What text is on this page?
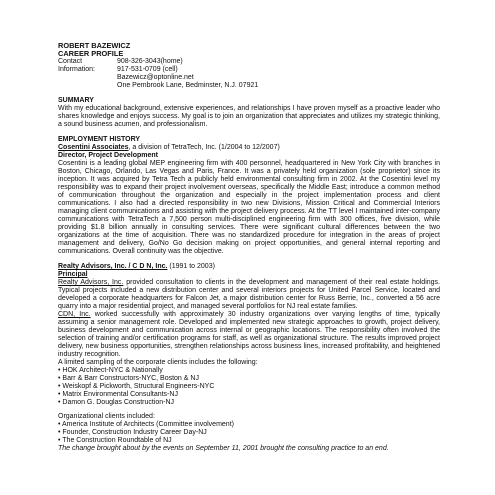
ROBERT BAZEWICZ
CAREER PROFILE
Contact Information:
908-326-3043(home)
917-531-0709 (cell)
Bazewicz@optonline.net
One Pembrook Lane, Bedminster, N.J. 07921
SUMMARY

With my educational background, extensive experiences, and relationships I have proven myself as a proactive leader who shares knowledge and enjoys success. My goal is to join an organization that appreciates and utilizes my strategic thinking, a sound business acumen, and professionalism.

EMPLOYMENT HISTORY
Cosentini Associates, a division of TetraTech, Inc. (1/2004 to 12/2007)
Director, Project Development

Cosentini is a leading global MEP engineering firm with 400 personnel, headquartered in New York City with branches in Boston, Chicago, Orlando, Las Vegas and Paris, France. It was a privately held organization (sole proprietor) since its inception. It was acquired by Tetra Tech a publicly held environmental consulting firm in 2002. At the Cosentini level my responsibility was to expand their project involvement overseas, specifically the Middle East; introduce a common method of communication throughout the organization and especially in the project implementation process and client communications. I also had a directed responsibility in two new Divisions, Mission Critical and Commercial Interiors managing client communications and assisting with the project delivery process. At the TT level I maintained inter-company communications with TetraTech a 7,500 person multi-disciplined engineering firm with 300 offices, five division, while providing $1.8 billion annually in consulting services. There were significant cultural differences between the two organizations at the time of acquisition. There was no standardized procedure for integration in the areas of project management and delivery, Go/No Go decision making on project opportunities, and general internal reporting and communications. Overall continuity was the objective.

Realty Advisors, Inc. / C D N, Inc. (1991 to 2003)
Principal

Realty Advisors, Inc. provided consultation to clients in the development and management of their real estate holdings. Typical projects included a new distribution center and several interiors projects for United Parcel Service, located and developed a corporate headquarters for Falcon Jet, a major distribution center for Russ Berrie, Inc., converted a 56 acre quarry into a major residential project, and managed several portfolios for NJ real estate families.

CDN, Inc. worked successfully with approximately 30 industry organizations over varying lengths of time, typically assuming a senior management role. Developed and implemented new strategic approaches to growth, project delivery, business development and communication across internal or geographic locations. The responsibility often involved the selection of training and/or certification programs for staff, as well as organizational structure. The results improved project delivery, new business opportunities, strengthen relationships across business lines, increased profitability, and heightened industry recognition.

A limited sampling of the corporate clients includes the following:
• HOK Architect-NYC & Nationally
• Barr & Barr Constructors-NYC, Boston & NJ
• Weiskopf & Pickworth, Structural Engineers-NYC
• Matrix Environmental Consultants-NJ
• Damon G. Douglas Construction-NJ
Organizational clients included:
• America Institute of Architects (Committee involvement)
• Founder, Construction Industry Career Day-NJ
• The Construction Roundtable of NJ

The change brought about by the events on September 11, 2001 brought the consulting practice to an end.
